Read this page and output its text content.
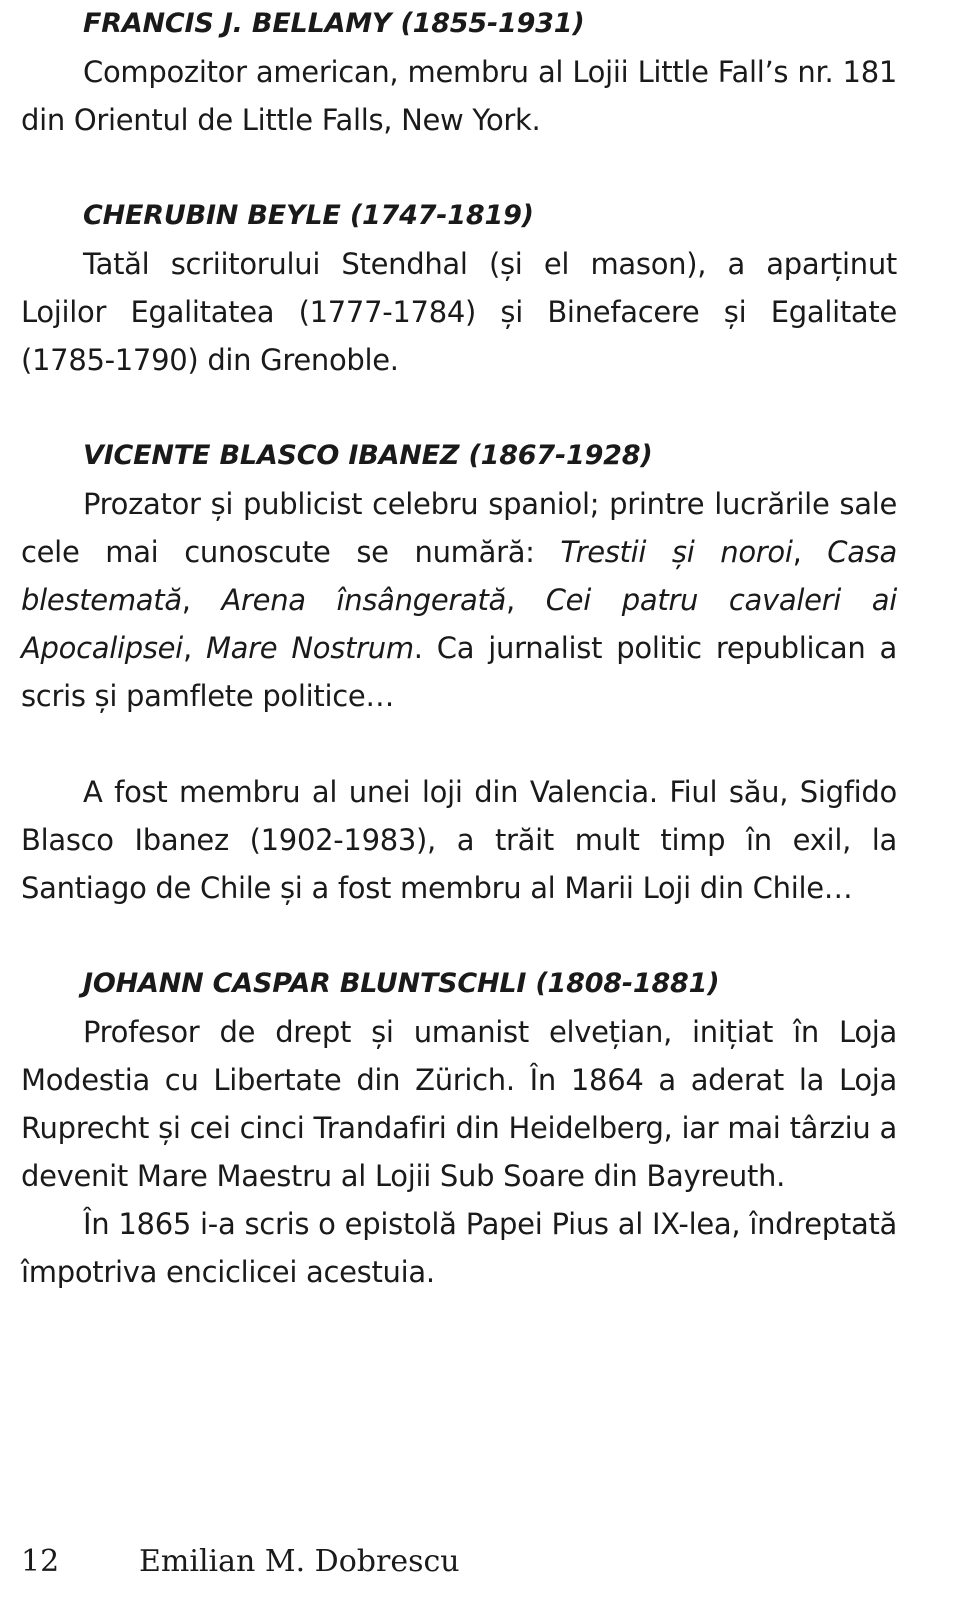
FRANCIS J. BELLAMY (1855-1931)

Compozitor american, membru al Lojii Little Fall’s nr. 181 din Orientul de Little Falls, New York.

CHERUBIN BEYLE (1747-1819)

Tatăl scriitorului Stendhal (și el mason), a aparținut Lojilor Egalitatea (1777-1784) și Binefacere și Egalitate (1785-1790) din Grenoble.

VICENTE BLASCO IBANEZ (1867-1928)

Prozator și publicist celebru spaniol; printre lucrările sale cele mai cunoscute se numără: Trestii și noroi, Casa blestemată, Arena însângerată, Cei patru cavaleri ai Apocalipsei, Mare Nostrum. Ca jurnalist politic republican a scris și pamflete politice…

A fost membru al unei loji din Valencia. Fiul său, Sigfido Blasco Ibanez (1902-1983), a trăit mult timp în exil, la Santiago de Chile și a fost membru al Marii Loji din Chile…

JOHANN CASPAR BLUNTSCHLI (1808-1881)

Profesor de drept și umanist elvețian, inițiat în Loja Modestia cu Libertate din Zürich. În 1864 a aderat la Loja Ruprecht și cei cinci Trandafiri din Heidelberg, iar mai târziu a devenit Mare Maestru al Lojii Sub Soare din Bayreuth.

În 1865 i-a scris o epistolă Papei Pius al IX-lea, îndreptată împotriva enciclicei acestuia.

12	Emilian M. Dobrescu
